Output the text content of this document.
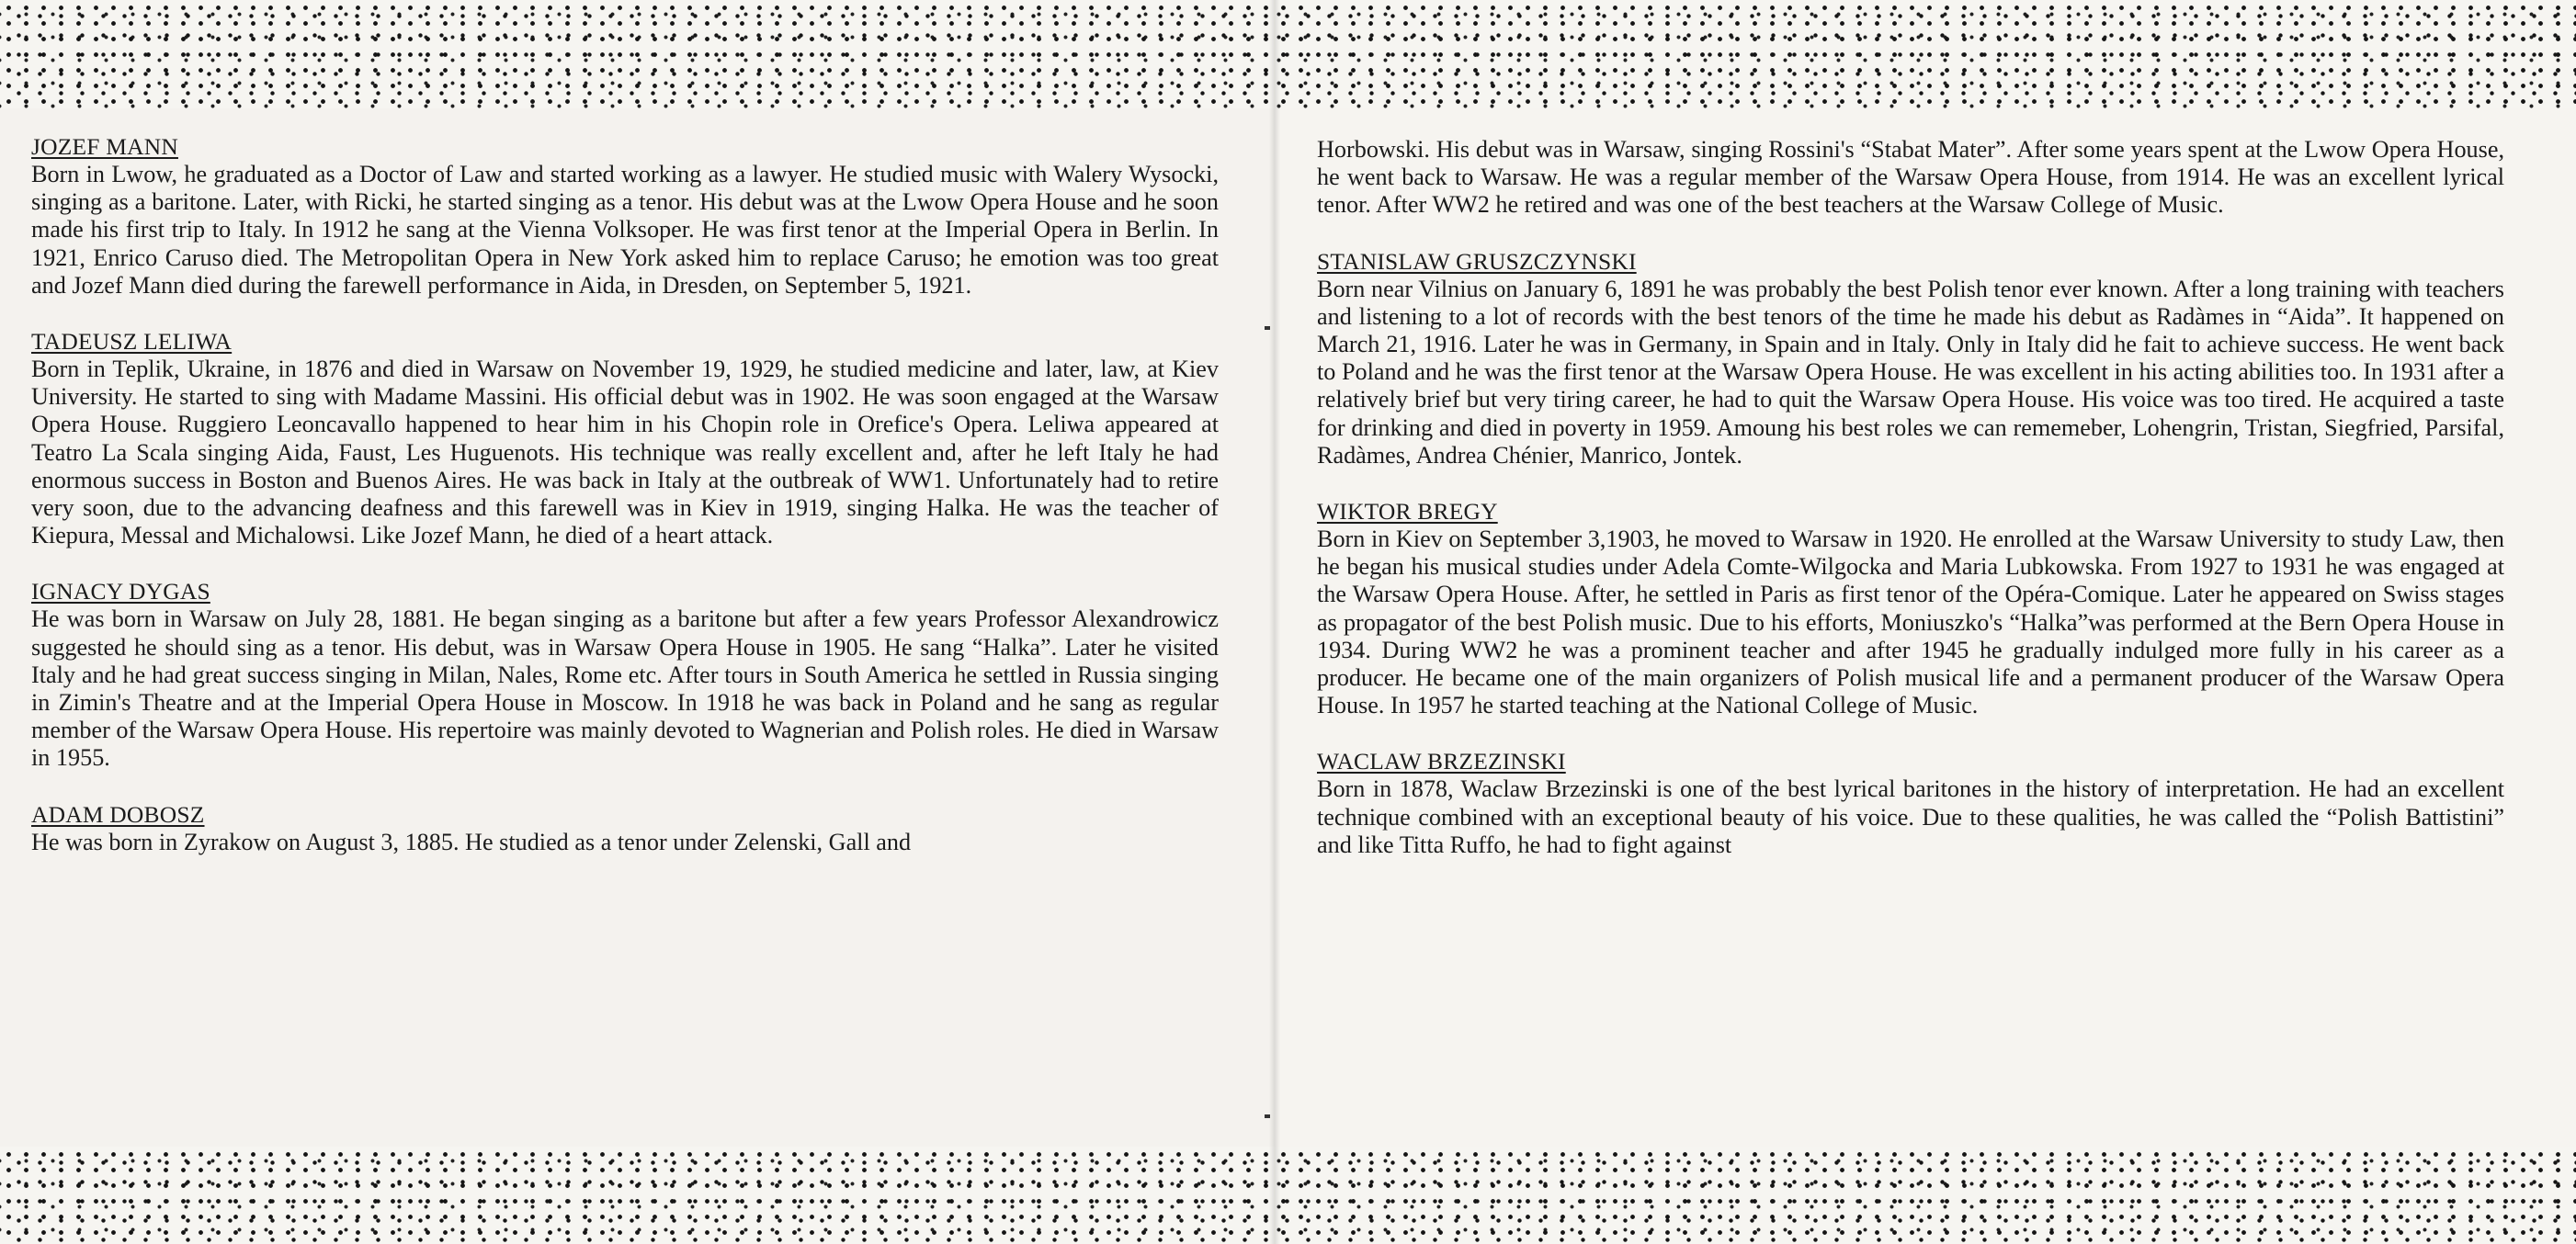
JOZEF MANN

Born in Lwow, he graduated as a Doctor of Law and started working as a lawyer. He studied music with Walery Wysocki, singing as a baritone. Later, with Ricki, he started singing as a tenor. His debut was at the Lwow Opera House and he soon made his first trip to Italy. In 1912 he sang at the Vienna Volksoper. He was first tenor at the Imperial Opera in Berlin. In 1921, Enrico Caruso died. The Metropolitan Opera in New York asked him to replace Caruso; he emotion was too great and Jozef Mann died during the farewell performance in Aida, in Dresden, on September 5, 1921.

TADEUSZ LELIWA

Born in Teplik, Ukraine, in 1876 and died in Warsaw on November 19, 1929, he studied medicine and later, law, at Kiev University. He started to sing with Madame Massini. His official debut was in 1902. He was soon engaged at the Warsaw Opera House. Ruggiero Leoncavallo happened to hear him in his Chopin role in Orefice's Opera. Leliwa appeared at Teatro La Scala singing Aida, Faust, Les Huguenots. His technique was really excellent and, after he left Italy he had enormous success in Boston and Buenos Aires. He was back in Italy at the outbreak of WW1. Unfortunately had to retire very soon, due to the advancing deafness and this farewell was in Kiev in 1919, singing Halka. He was the teacher of Kiepura, Messal and Michalowsi. Like Jozef Mann, he died of a heart attack.

IGNACY DYGAS

He was born in Warsaw on July 28, 1881. He began singing as a baritone but after a few years Professor Alexandrowicz suggested he should sing as a tenor. His debut, was in Warsaw Opera House in 1905. He sang “Halka”. Later he visited Italy and he had great success singing in Milan, Nales, Rome etc. After tours in South America he settled in Russia singing in Zimin's Theatre and at the Imperial Opera House in Moscow. In 1918 he was back in Poland and he sang as regular member of the Warsaw Opera House. His repertoire was mainly devoted to Wagnerian and Polish roles. He died in Warsaw in 1955.

ADAM DOBOSZ

He was born in Zyrakow on August 3, 1885. He studied as a tenor under Zelenski, Gall and

Horbowski. His debut was in Warsaw, singing Rossini's “Stabat Mater”. After some years spent at the Lwow Opera House, he went back to Warsaw. He was a regular member of the Warsaw Opera House, from 1914. He was an excellent lyrical tenor. After WW2 he retired and was one of the best teachers at the Warsaw College of Music.

STANISLAW GRUSZCZYNSKI

Born near Vilnius on January 6, 1891 he was probably the best Polish tenor ever known. After a long training with teachers and listening to a lot of records with the best tenors of the time he made his debut as Radàmes in “Aida”. It happened on March 21, 1916. Later he was in Germany, in Spain and in Italy. Only in Italy did he fait to achieve success. He went back to Poland and he was the first tenor at the Warsaw Opera House. He was excellent in his acting abilities too. In 1931 after a relatively brief but very tiring career, he had to quit the Warsaw Opera House. His voice was too tired. He acquired a taste for drinking and died in poverty in 1959. Amoung his best roles we can rememeber, Lohengrin, Tristan, Siegfried, Parsifal, Radàmes, Andrea Chénier, Manrico, Jontek.

WIKTOR BREGY

Born in Kiev on September 3,1903, he moved to Warsaw in 1920. He enrolled at the Warsaw University to study Law, then he began his musical studies under Adela Comte-Wilgocka and Maria Lubkowska. From 1927 to 1931 he was engaged at the Warsaw Opera House. After, he settled in Paris as first tenor of the Opéra-Comique. Later he appeared on Swiss stages as propagator of the best Polish music. Due to his efforts, Moniuszko's “Halka”was performed at the Bern Opera House in 1934. During WW2 he was a prominent teacher and after 1945 he gradually indulged more fully in his career as a producer. He became one of the main organizers of Polish musical life and a permanent producer of the Warsaw Opera House. In 1957 he started teaching at the National College of Music.

WACLAW BRZEZINSKI

Born in 1878, Waclaw Brzezinski is one of the best lyrical baritones in the history of interpretation. He had an excellent technique combined with an exceptional beauty of his voice. Due to these qualities, he was called the “Polish Battistini” and like Titta Ruffo, he had to fight against
